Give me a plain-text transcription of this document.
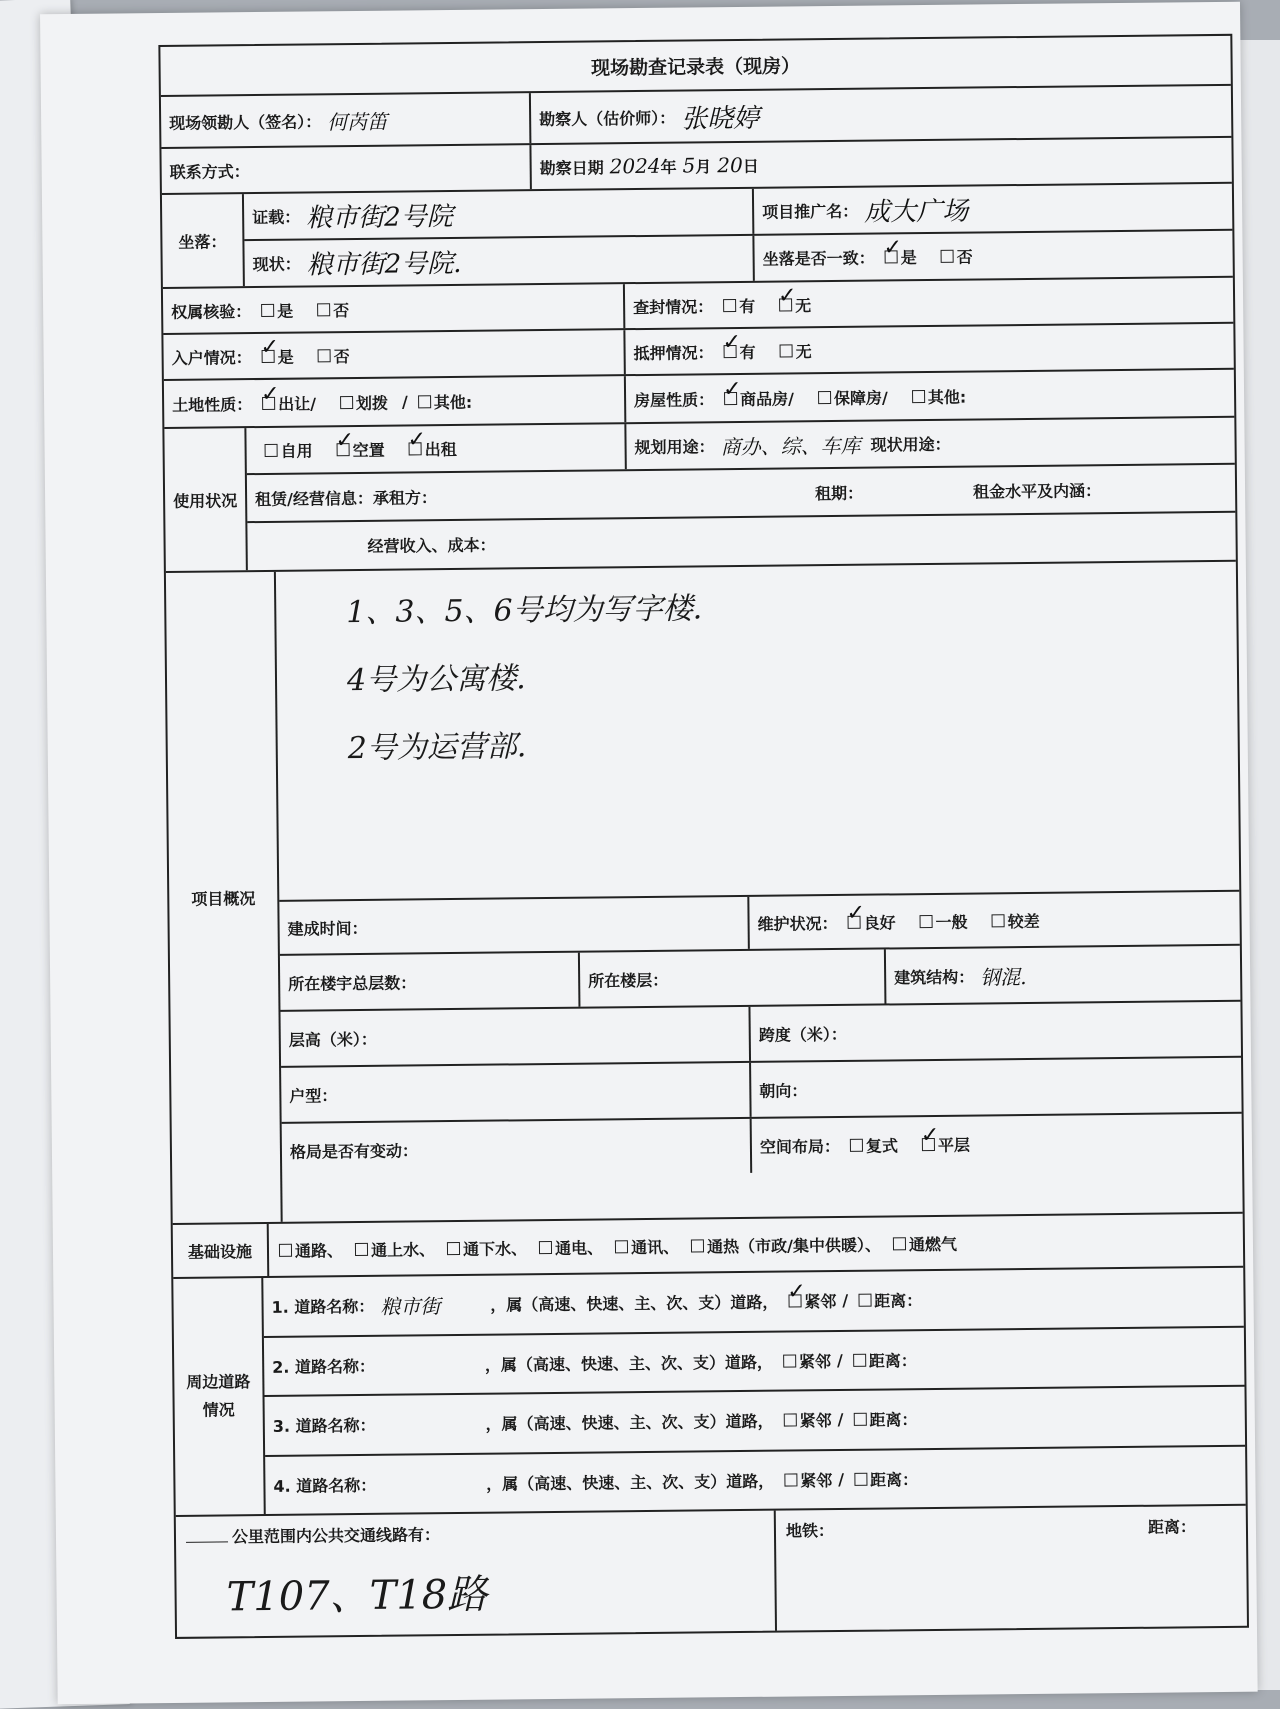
现场勘查记录表（现房）
现场领勘人（签名）： 何芮笛	勘察人（估价师）： 张晓婷
联系方式：	勘察日期 2024 年 5 月 20 日
坐落：
证载： 粮市街2号院	项目推广名： 成大广场
现状： 粮市街2号院.	坐落是否一致： ✓ 是 否
权属核验： 是 否	查封情况： 有 ✓ 无
入户情况： ✓ 是 否	抵押情况： ✓ 有 无
土地性质： ✓ 出让/ 划拨 / 其他:	房屋性质： ✓ 商品房/ 保障房/ 其他:
使用状况
自用 ✓ 空置 ✓ 出租	规划用途： 商办、综、车库 现状用途：
租赁/经营信息：承租方：	租期：	租金水平及内涵：
经营收入、成本：
项目概况
1、3、5、6号均为写字楼.
4号为公寓楼.
2号为运营部.
建成时间：	维护状况： ✓ 良好 一般 较差
所在楼宇总层数：	所在楼层：	建筑结构： 钢混.
层高（米）：	跨度（米）：
户型：	朝向：
格局是否有变动：	空间布局： 复式 ✓ 平层
基础设施	通路、 通上水、 通下水、 通电、 通讯、 通热（市政/集中供暖）、 通燃气
周边道路情况
1. 道路名称： 粮市街	，属（高速、快速、主、次、支）道路， ✓ 紧邻 / 距离：
2. 道路名称：	，属（高速、快速、主、次、支）道路， 紧邻 / 距离：
3. 道路名称：	，属（高速、快速、主、次、支）道路， 紧邻 / 距离：
4. 道路名称：	，属（高速、快速、主、次、支）道路， 紧邻 / 距离：
公里范围内公共交通线路有：
T107、T18路
地铁：	距离：
